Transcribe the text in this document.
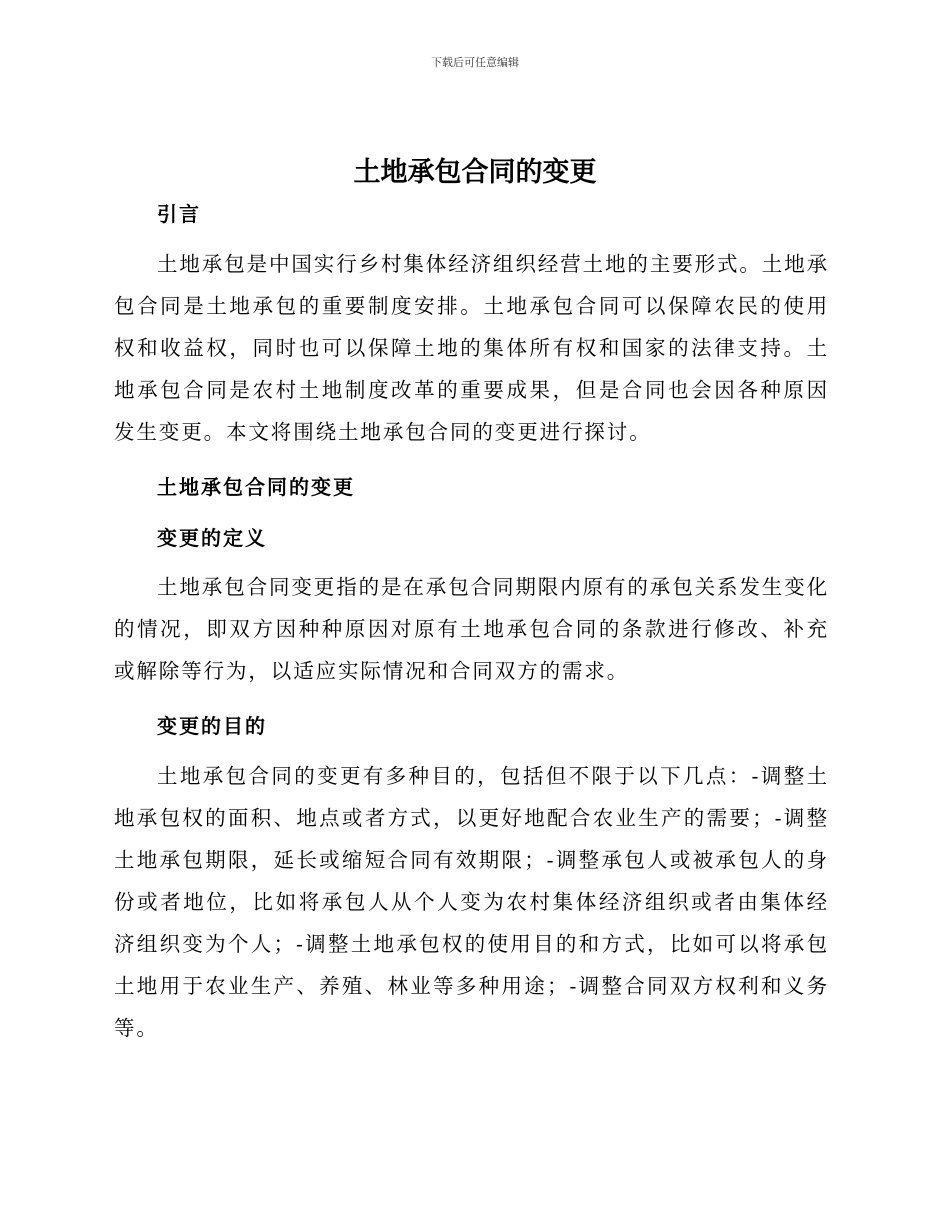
下载后可任意编辑
土地承包合同的变更
引言
土地承包是中国实行乡村集体经济组织经营土地的主要形式。土地承包合同是土地承包的重要制度安排。土地承包合同可以保障农民的使用权和收益权，同时也可以保障土地的集体所有权和国家的法律支持。土地承包合同是农村土地制度改革的重要成果，但是合同也会因各种原因发生变更。本文将围绕土地承包合同的变更进行探讨。
土地承包合同的变更
变更的定义
土地承包合同变更指的是在承包合同期限内原有的承包关系发生变化的情况，即双方因种种原因对原有土地承包合同的条款进行修改、补充或解除等行为，以适应实际情况和合同双方的需求。
变更的目的
土地承包合同的变更有多种目的，包括但不限于以下几点：-调整土地承包权的面积、地点或者方式，以更好地配合农业生产的需要；-调整土地承包期限，延长或缩短合同有效期限；-调整承包人或被承包人的身份或者地位，比如将承包人从个人变为农村集体经济组织或者由集体经济组织变为个人；-调整土地承包权的使用目的和方式，比如可以将承包土地用于农业生产、养殖、林业等多种用途；-调整合同双方权利和义务等。
